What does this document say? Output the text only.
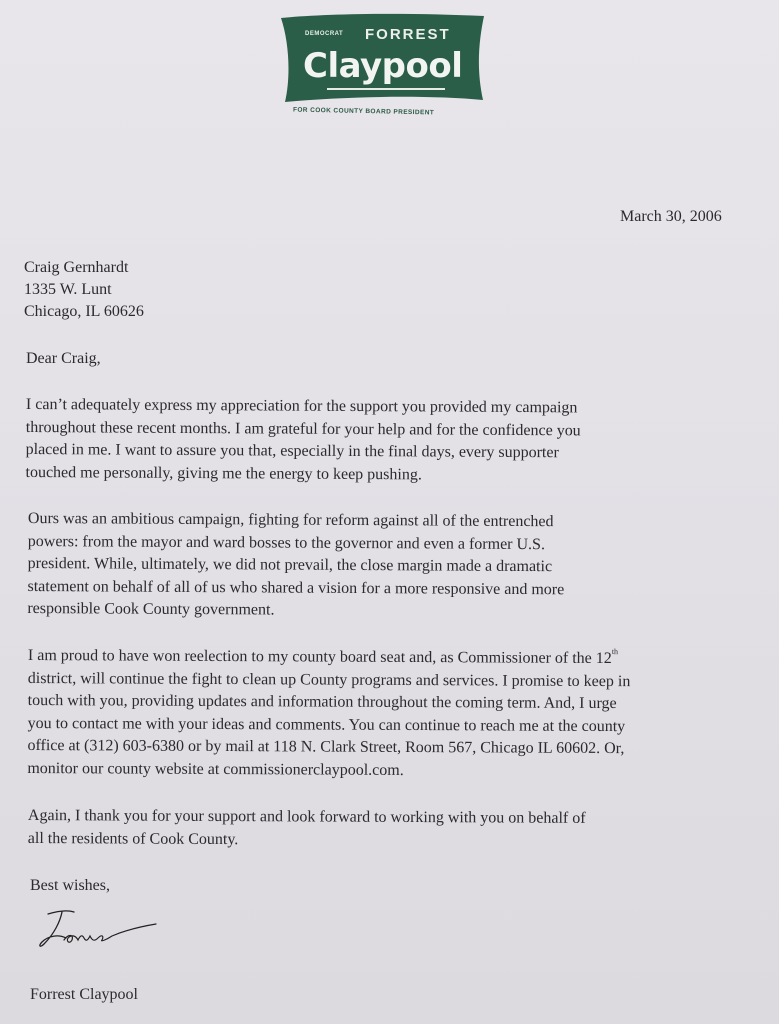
DEMOCRAT FORREST
Claypool
FOR COOK COUNTY BOARD PRESIDENT
March 30, 2006
Craig Gernhardt
1335 W. Lunt
Chicago, IL 60626
Dear Craig,
I can’t adequately express my appreciation for the support you provided my campaign
throughout these recent months. I am grateful for your help and for the confidence you
placed in me. I want to assure you that, especially in the final days, every supporter
touched me personally, giving me the energy to keep pushing.
Ours was an ambitious campaign, fighting for reform against all of the entrenched
powers: from the mayor and ward bosses to the governor and even a former U.S.
president. While, ultimately, we did not prevail, the close margin made a dramatic
statement on behalf of all of us who shared a vision for a more responsive and more
responsible Cook County government.
I am proud to have won reelection to my county board seat and, as Commissioner of the 12th
district, will continue the fight to clean up County programs and services. I promise to keep in
touch with you, providing updates and information throughout the coming term. And, I urge
you to contact me with your ideas and comments. You can continue to reach me at the county
office at (312) 603-6380 or by mail at 118 N. Clark Street, Room 567, Chicago IL 60602. Or,
monitor our county website at commissionerclaypool.com.
Again, I thank you for your support and look forward to working with you on behalf of
all the residents of Cook County.
Best wishes,
Forrest Claypool
